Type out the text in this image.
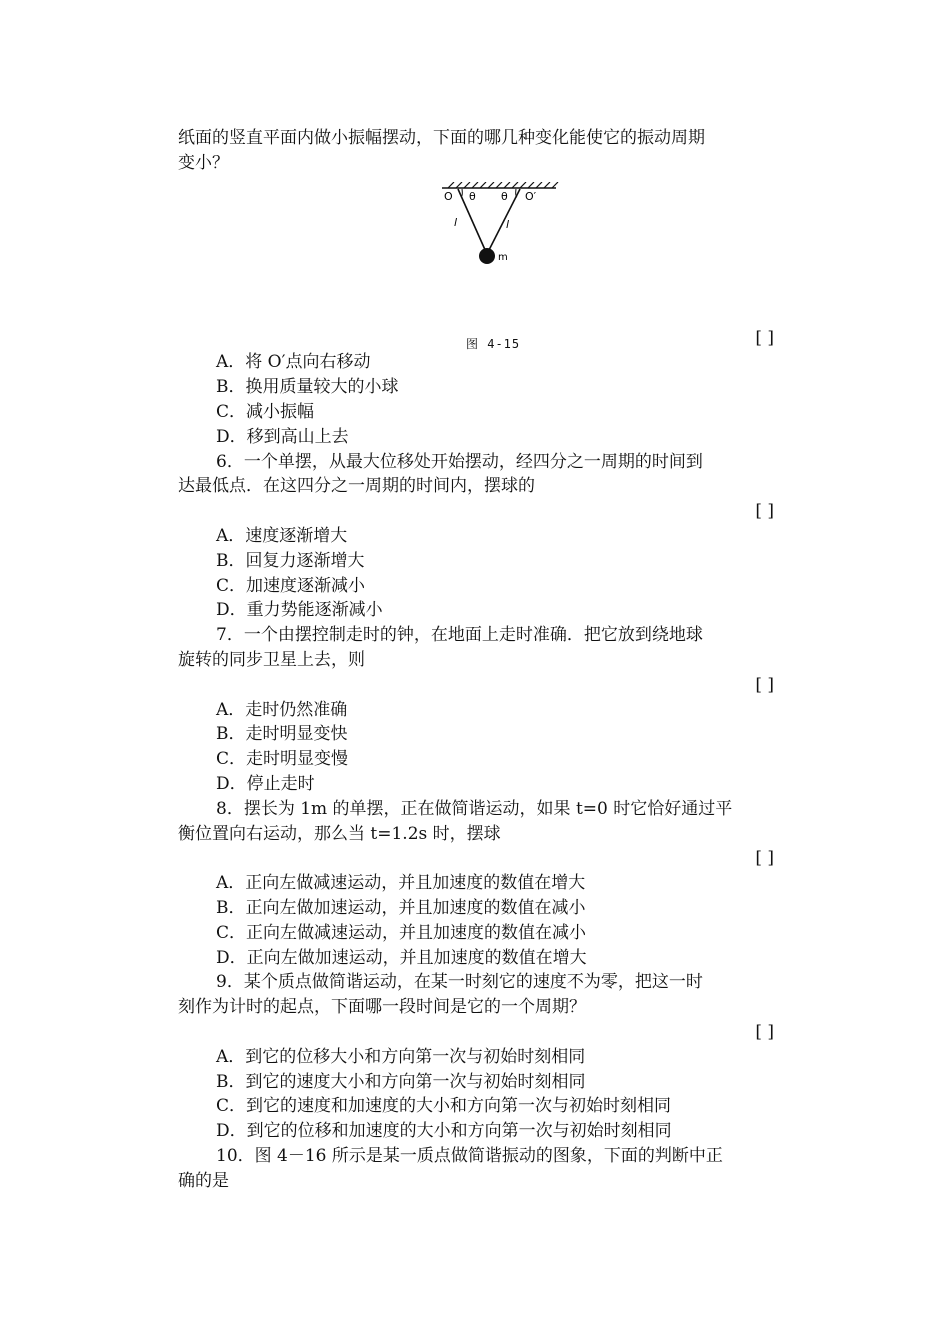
纸面的竖直平面内做小振幅摆动，下面的哪几种变化能使它的振动周期
变小？
O θ θ O′
l	l
m
图 4-15	[ ]
A．将 O′点向右移动
B．换用质量较大的小球
C．减小振幅
D．移到高山上去
6．一个单摆，从最大位移处开始摆动，经四分之一周期的时间到
达最低点．在这四分之一周期的时间内，摆球的
[ ]
A．速度逐渐增大
B．回复力逐渐增大
C．加速度逐渐减小
D．重力势能逐渐减小
7．一个由摆控制走时的钟，在地面上走时准确．把它放到绕地球
旋转的同步卫星上去，则
[ ]
A．走时仍然准确
B．走时明显变快
C．走时明显变慢
D．停止走时
8．摆长为 1m 的单摆，正在做简谐运动，如果 t=0 时它恰好通过平
衡位置向右运动，那么当 t=1.2s 时，摆球
[ ]
A．正向左做减速运动，并且加速度的数值在增大
B．正向左做加速运动，并且加速度的数值在减小
C．正向左做减速运动，并且加速度的数值在减小
D．正向左做加速运动，并且加速度的数值在增大
9．某个质点做简谐运动，在某一时刻它的速度不为零，把这一时
刻作为计时的起点，下面哪一段时间是它的一个周期？
[ ]
A．到它的位移大小和方向第一次与初始时刻相同
B．到它的速度大小和方向第一次与初始时刻相同
C．到它的速度和加速度的大小和方向第一次与初始时刻相同
D．到它的位移和加速度的大小和方向第一次与初始时刻相同
10．图 4－16 所示是某一质点做简谐振动的图象，下面的判断中正
确的是
